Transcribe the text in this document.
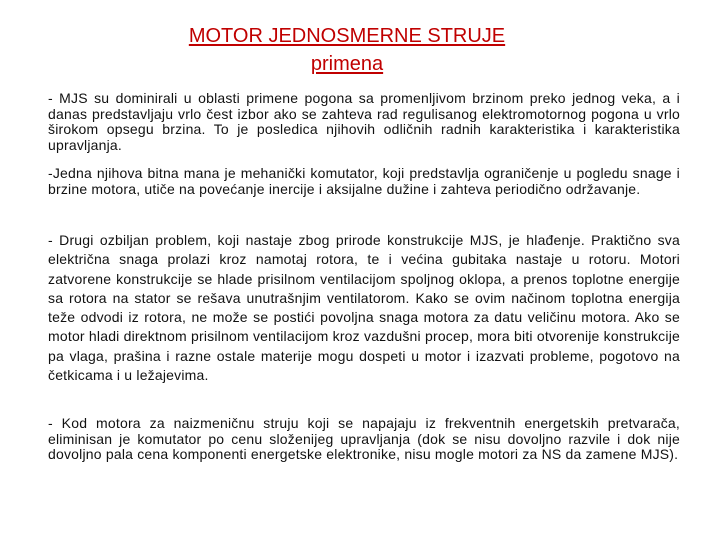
MOTOR JEDNOSMERNE STRUJE
primena

- MJS su dominirali u oblasti primene pogona sa promenljivom brzinom preko jednog veka, a i danas predstavljaju vrlo čest izbor ako se zahteva rad regulisanog elektromotornog pogona u vrlo širokom opsegu brzina. To je posledica njihovih odličnih radnih karakteristika i karakteristika upravljanja.

-Jedna njihova bitna mana je mehanički komutator, koji predstavlja ograničenje u pogledu snage i brzine motora, utiče na povećanje inercije i aksijalne dužine i zahteva periodično održavanje.

- Drugi ozbiljan problem, koji nastaje zbog prirode konstrukcije MJS, je hlađenje. Praktično sva električna snaga prolazi kroz namotaj rotora, te i većina gubitaka nastaje u rotoru. Motori zatvorene konstrukcije se hlade prisilnom ventilacijom spoljnog oklopa, a prenos toplotne energije sa rotora na stator se rešava unutrašnjim ventilatorom. Kako se ovim načinom toplotna energija teže odvodi iz rotora, ne može se postići povoljna snaga motora za datu veličinu motora. Ako se motor hladi direktnom prisilnom ventilacijom kroz vazdušni procep, mora biti otvorenije konstrukcije pa vlaga, prašina i razne ostale materije mogu dospeti u motor i izazvati probleme, pogotovo na četkicama i u ležajevima.

- Kod motora za naizmeničnu struju koji se napajaju iz frekventnih energetskih pretvarača, eliminisan je komutator po cenu složenijeg upravljanja (dok se nisu dovoljno razvile i dok nije dovoljno pala cena komponenti energetske elektronike, nisu mogle motori za NS da zamene MJS).
